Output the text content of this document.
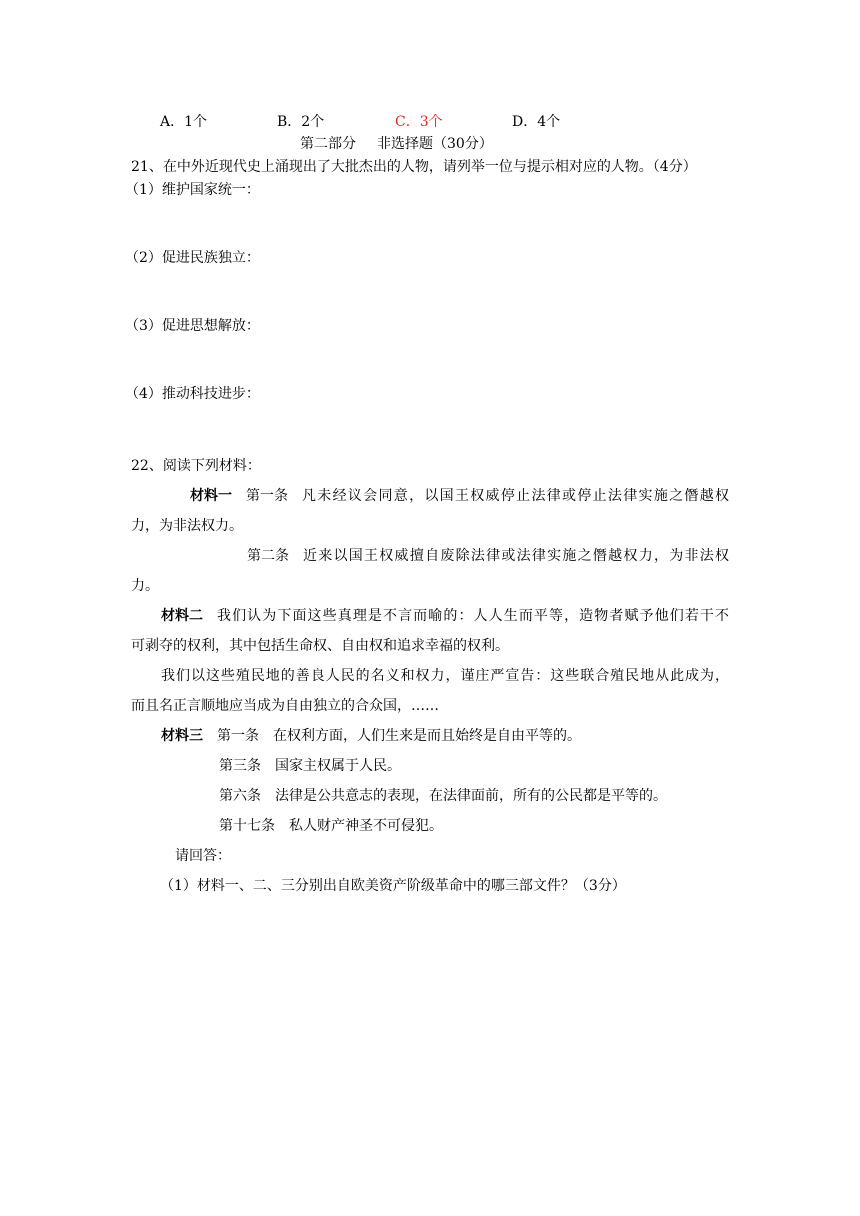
A．1个	B．2个	C．3个	D．4个
第二部分 非选择题（30分）
21、在中外近现代史上涌现出了大批杰出的人物，请列举一位与提示相对应的人物。（4分）
（1）维护国家统一：
（2）促进民族独立：
（3）促进思想解放：
（4）推动科技进步：
22、阅读下列材料：
材料一 第一条 凡未经议会同意，以国王权威停止法律或停止法律实施之僭越权
力，为非法权力。
第二条 近来以国王权威擅自废除法律或法律实施之僭越权力，为非法权
力。
材料二 我们认为下面这些真理是不言而喻的：人人生而平等，造物者赋予他们若干不
可剥夺的权利，其中包括生命权、自由权和追求幸福的权利。
我们以这些殖民地的善良人民的名义和权力，谨庄严宣告：这些联合殖民地从此成为，
而且名正言顺地应当成为自由独立的合众国，……
材料三 第一条 在权利方面，人们生来是而且始终是自由平等的。
第三条 国家主权属于人民。
第六条 法律是公共意志的表现，在法律面前，所有的公民都是平等的。
第十七条 私人财产神圣不可侵犯。
请回答：
（1）材料一、二、三分别出自欧美资产阶级革命中的哪三部文件？（3分）
